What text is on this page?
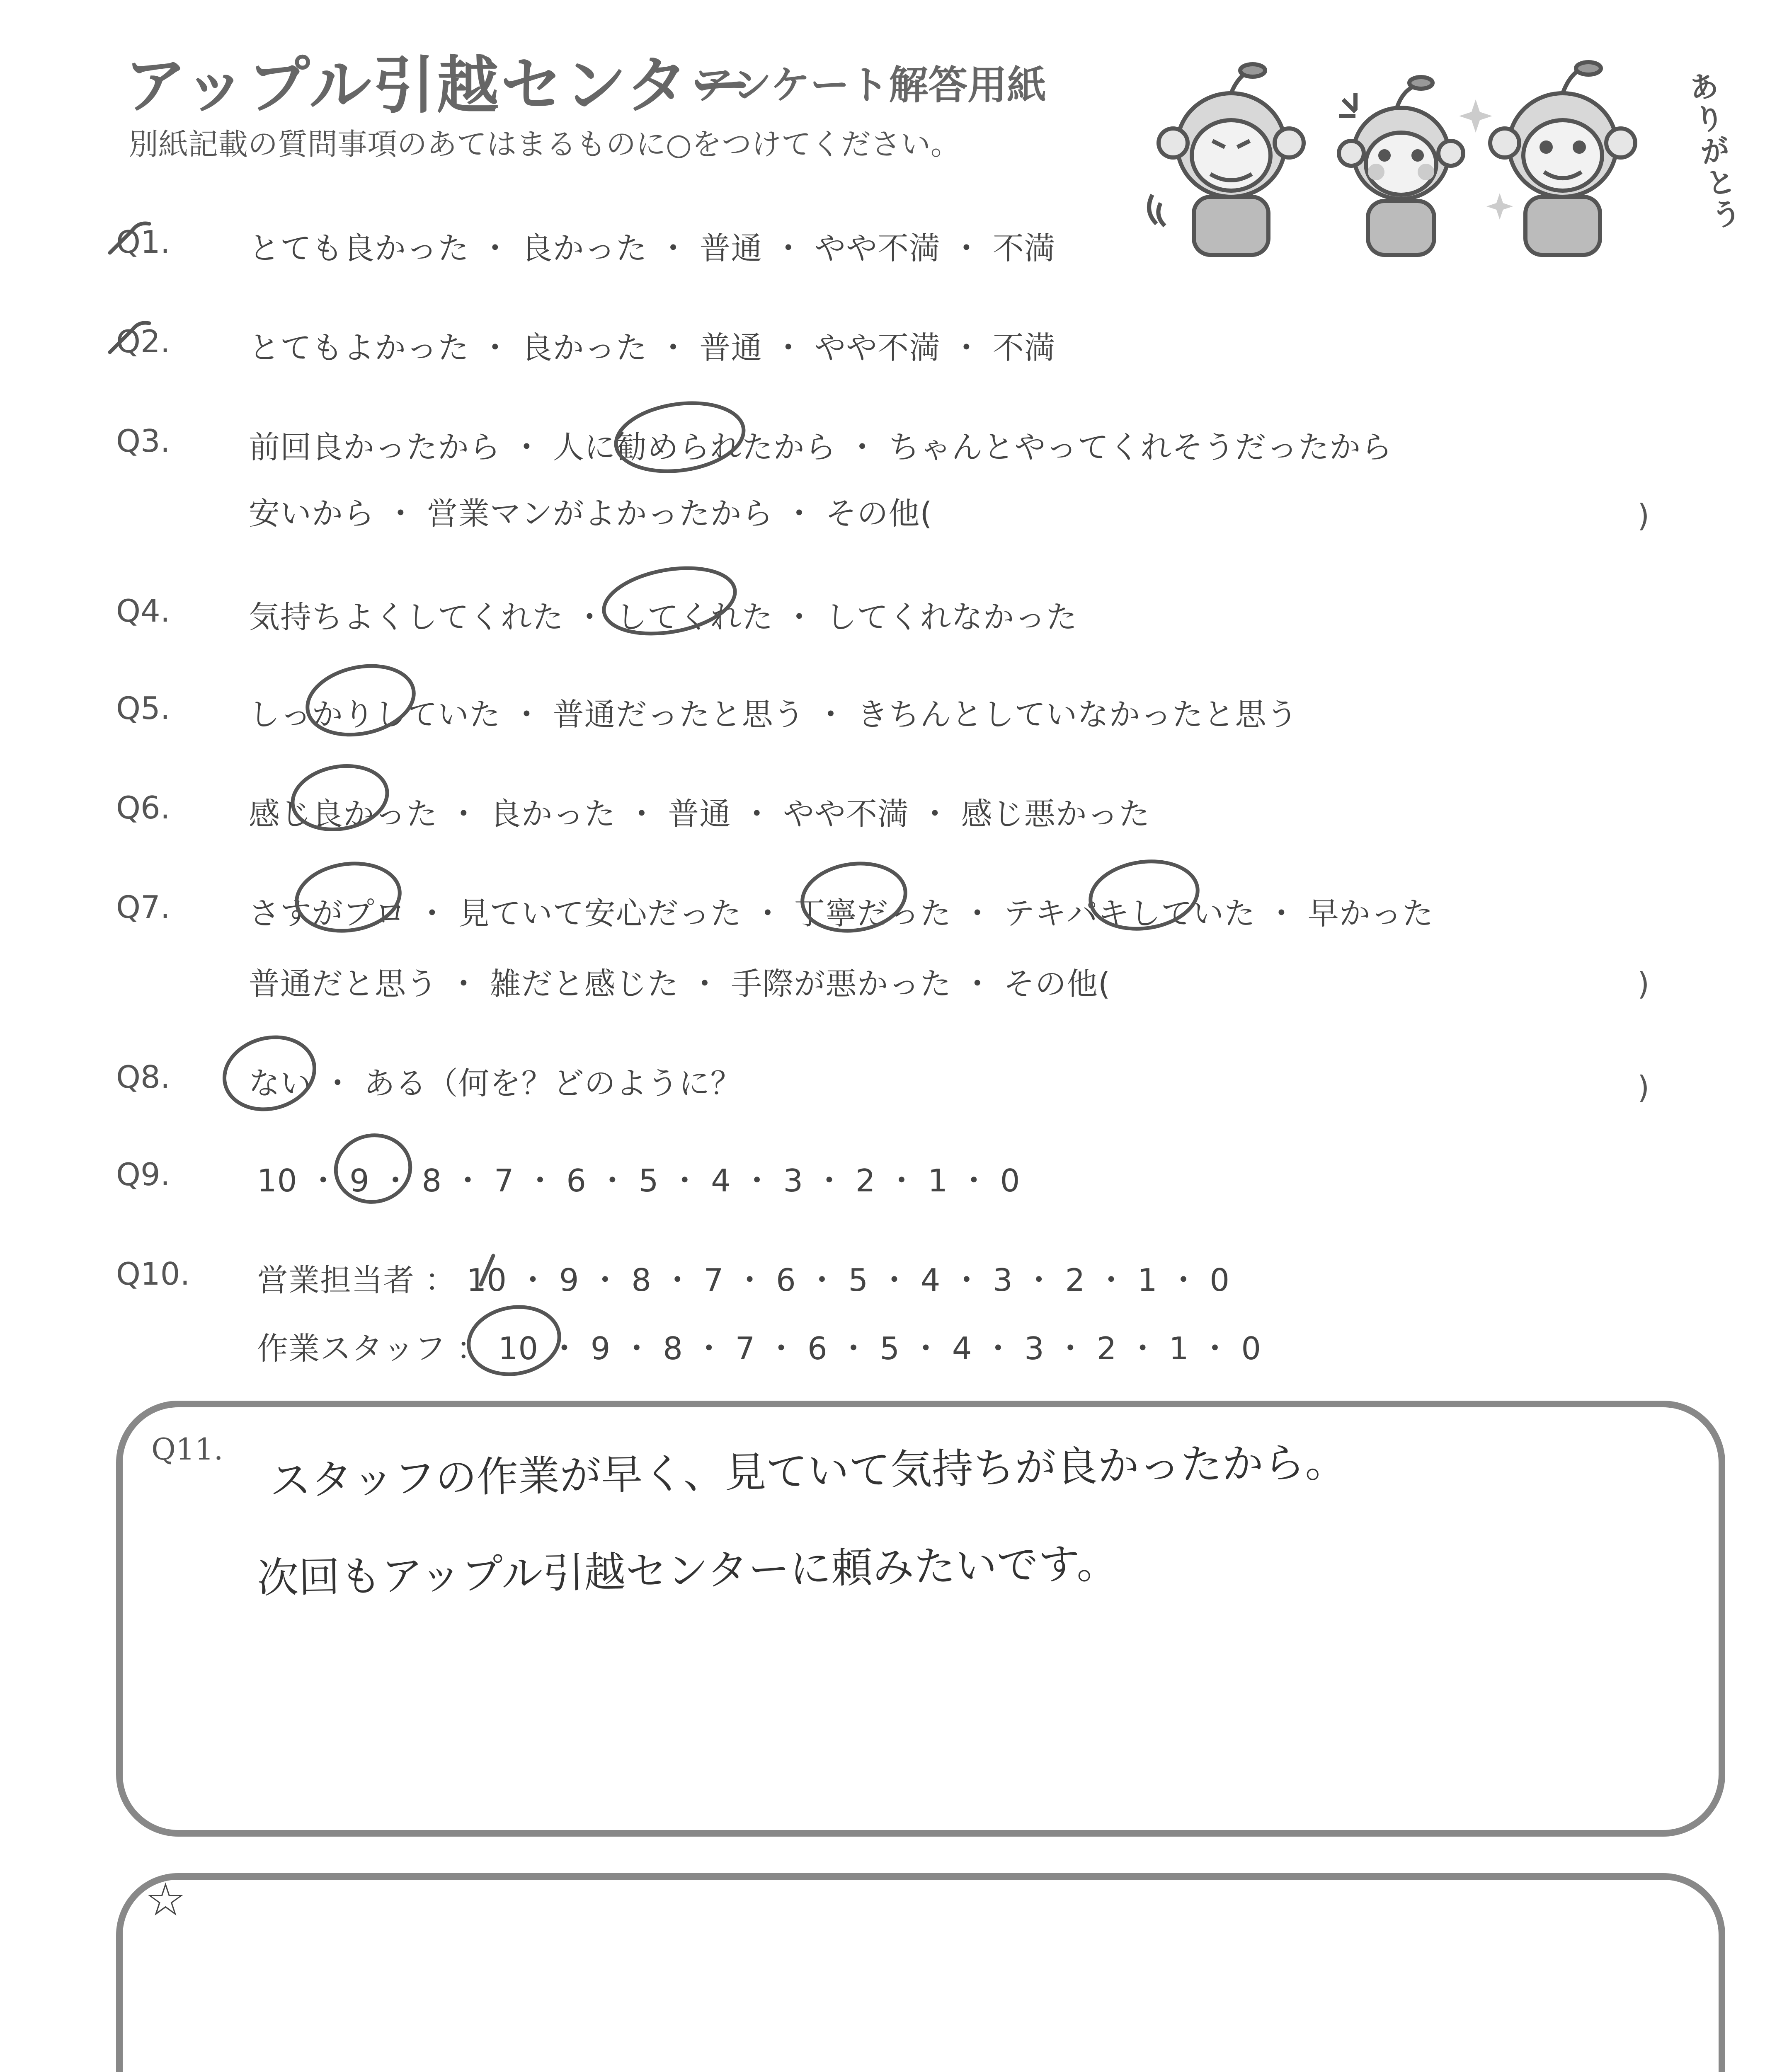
アップル引越センター
アンケート解答用紙
別紙記載の質問事項のあてはまるものに○をつけてください。	ありがとう
Q1.	とても良かった ・ 良かった ・ 普通 ・ やや不満 ・ 不満
Q2.	とてもよかった ・ 良かった ・ 普通 ・ やや不満 ・ 不満
Q3.	前回良かったから ・ 人に勧められたから ・ ちゃんとやってくれそうだったから
安いから ・ 営業マンがよかったから ・ その他(	)
Q4.	気持ちよくしてくれた ・ してくれた ・ してくれなかった
Q5.	しっかりしていた ・ 普通だったと思う ・ きちんとしていなかったと思う
Q6.	感じ良かった ・ 良かった ・ 普通 ・ やや不満 ・ 感じ悪かった
Q7.	さすがプロ ・ 見ていて安心だった ・ 丁寧だった ・ テキパキしていた ・ 早かった
普通だと思う ・ 雑だと感じた ・ 手際が悪かった ・ その他(	)
Q8.	ない ・ ある（何を？どのように？	)
Q9.	10 ・ 9 ・ 8 ・ 7 ・ 6 ・ 5 ・ 4 ・ 3 ・ 2 ・ 1 ・ 0
Q10. 営業担当者 ： 10 ・ 9 ・ 8 ・ 7 ・ 6 ・ 5 ・ 4 ・ 3 ・ 2 ・ 1 ・ 0
作業スタッフ ： 10 ・ 9 ・ 8 ・ 7 ・ 6 ・ 5 ・ 4 ・ 3 ・ 2 ・ 1 ・ 0
Q11. スタッフの作業が早く、見ていて気持ちが良かったから。
次回もアップル引越センターに頼みたいです。
☆
